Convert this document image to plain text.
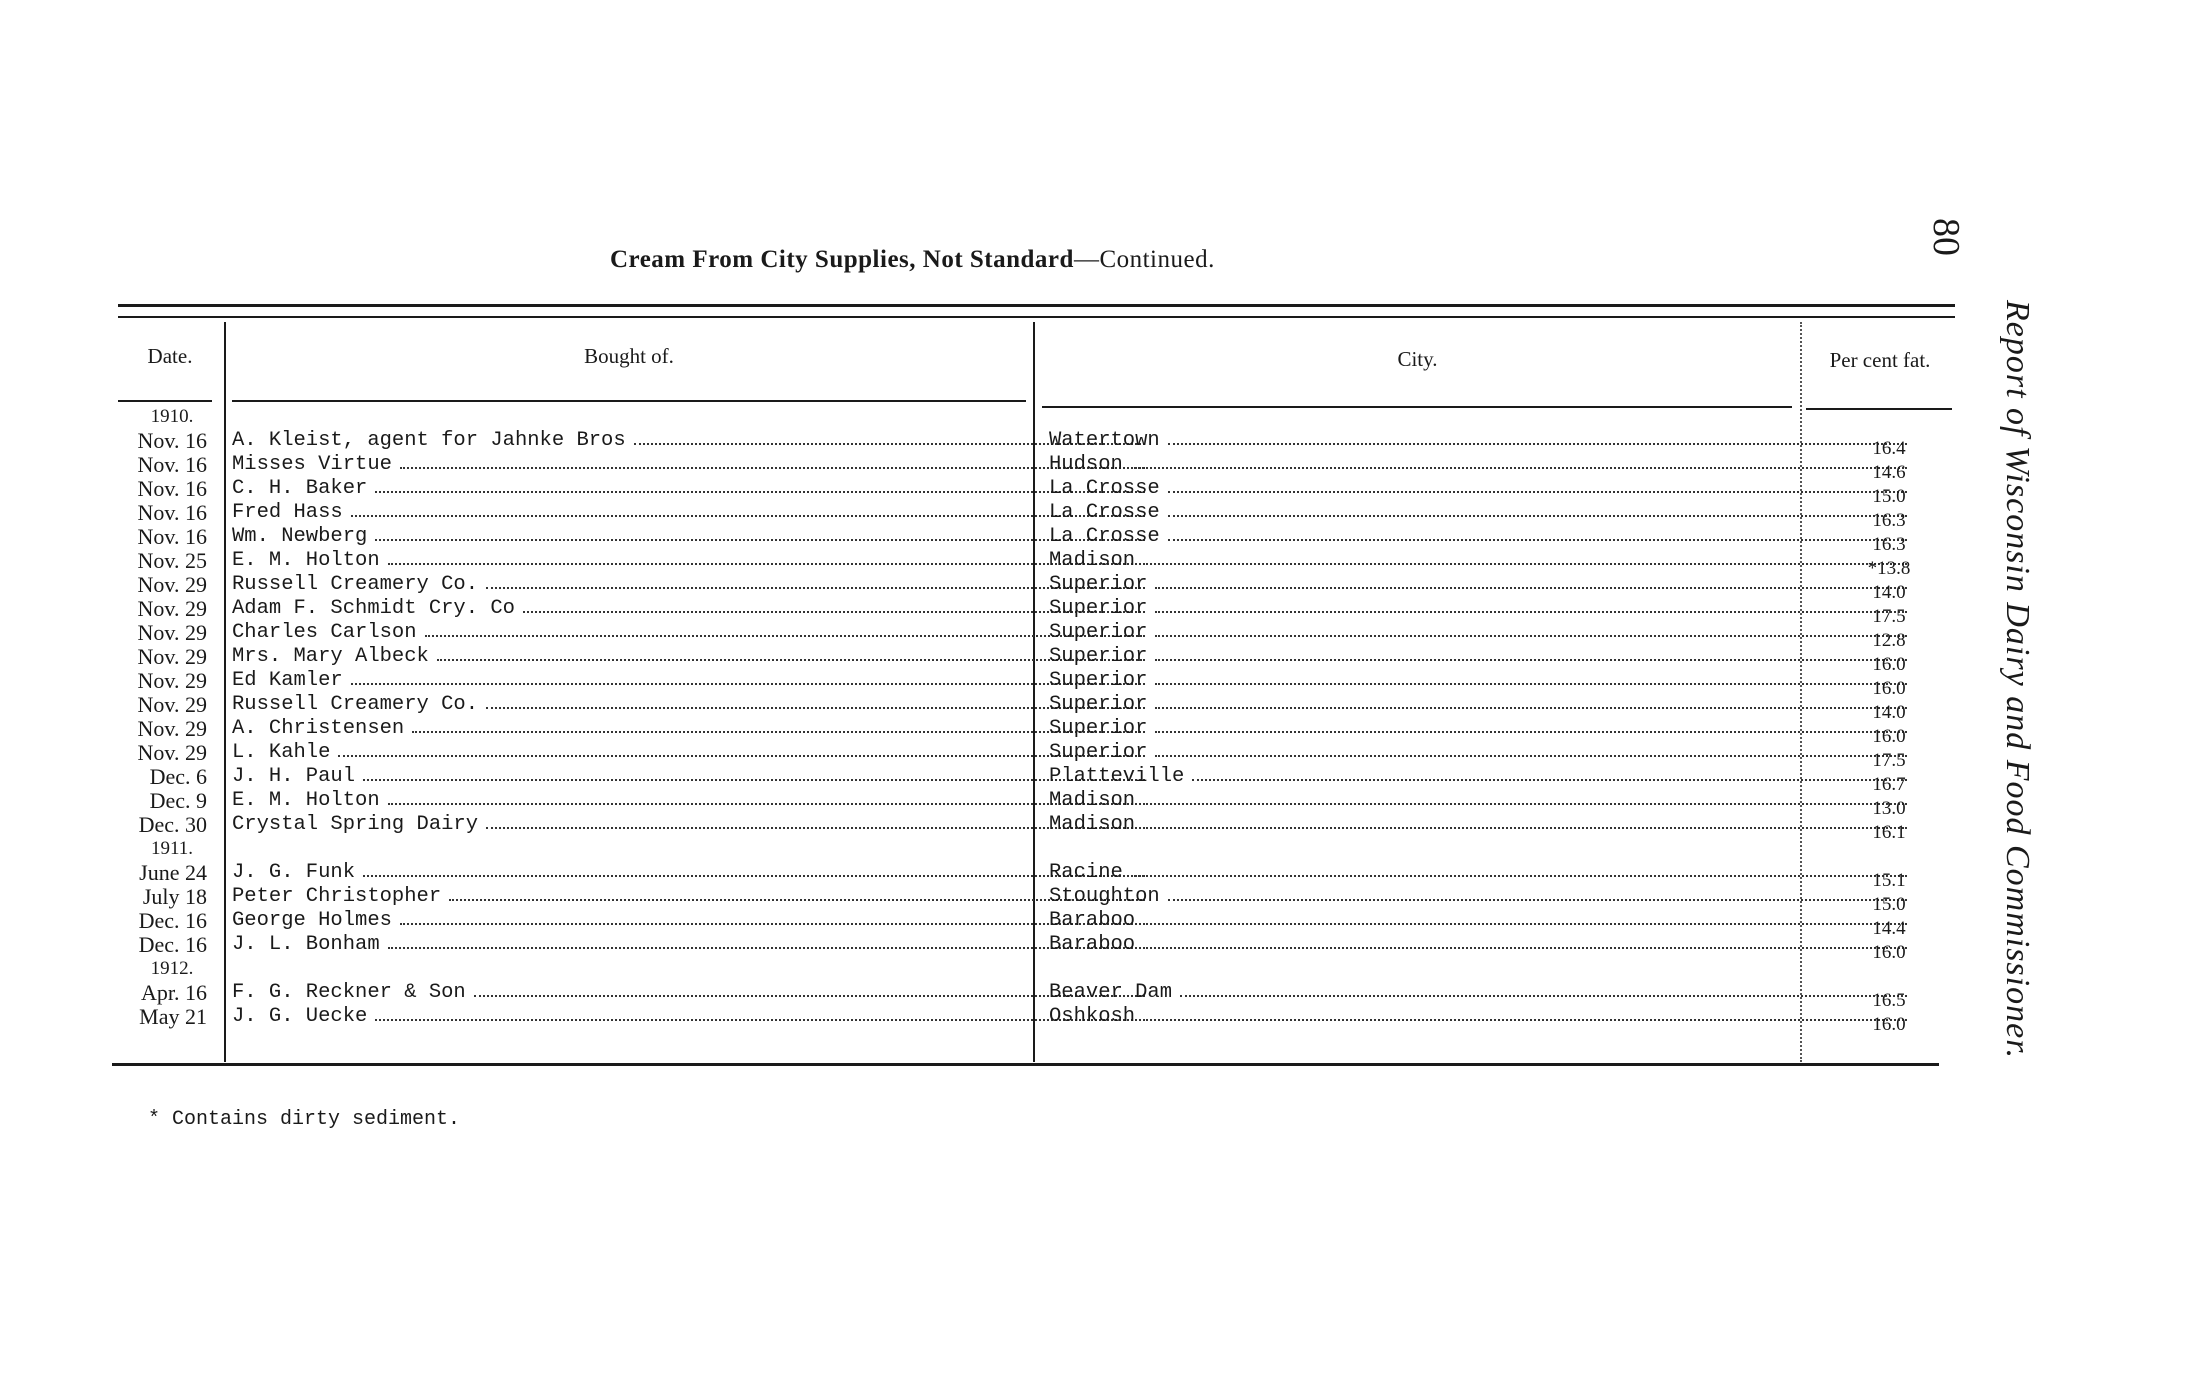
Cream From City Supplies, Not Standard—Continued.
80
Report of Wisconsin Dairy and Food Commissioner.
Date.	Bought of.	City.	Per cent fat.
1910.
Nov. 16 A. Kleist, agent for Jahnke Bros	Watertown	16.4
Nov. 16 Misses Virtue	Hudson	14.6
Nov. 16 C. H. Baker	La Crosse	15.0
Nov. 16 Fred Hass	La Crosse	16.3
Nov. 16 Wm. Newberg	La Crosse	16.3
Nov. 25 E. M. Holton	Madison	*13.8
Nov. 29 Russell Creamery Co.	Superior	14.0
Nov. 29 Adam F. Schmidt Cry. Co	Superior	17.5
Nov. 29 Charles Carlson	Superior	12.8
Nov. 29 Mrs. Mary Albeck	Superior	16.0
Nov. 29 Ed Kamler	Superior	16.0
Nov. 29 Russell Creamery Co.	Superior	14.0
Nov. 29 A. Christensen	Superior	16.0
Nov. 29 L. Kahle	Superior	17.5
Dec. 6 J. H. Paul	Platteville	16.7
Dec. 9 E. M. Holton	Madison	13.0
Dec. 30 Crystal Spring Dairy	Madison	16.1
1911.
June 24 J. G. Funk	Racine	15.1
July 18 Peter Christopher	Stoughton	15.0
Dec. 16 George Holmes	Baraboo	14.4
Dec. 16 J. L. Bonham	Baraboo	16.0
1912.
Apr. 16 F. G. Reckner & Son	Beaver Dam	16.5
May 21 J. G. Uecke	Oshkosh	16.0
* Contains dirty sediment.
